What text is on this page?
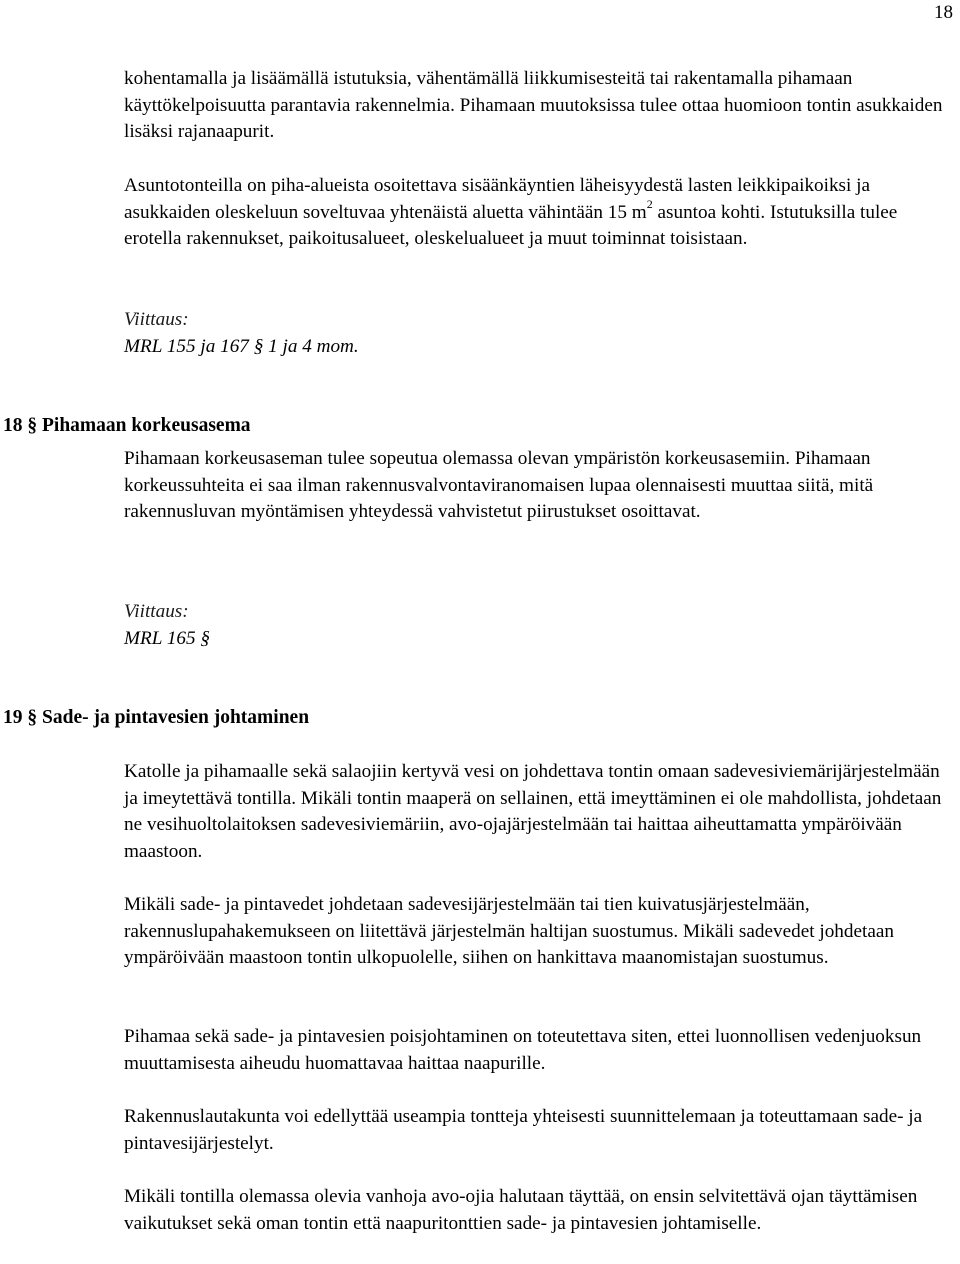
18

kohentamalla ja lisäämällä istutuksia, vähentämällä liikkumisesteitä tai rakentamalla pihamaan käyttökelpoisuutta parantavia rakennelmia. Pihamaan muutoksissa tulee ottaa huomioon tontin asukkaiden lisäksi rajanaapurit.

Asuntotonteilla on piha-alueista osoitettava sisäänkäyntien läheisyydestä lasten leikkipaikoiksi ja asukkaiden oleskeluun soveltuvaa yhtenäistä aluetta vähintään 15 $m^2$ asuntoa kohti. Istutuksilla tulee erotella rakennukset, paikoitusalueet, oleskelualueet ja muut toiminnat toisistaan.

Viittaus:

MRL 155 ja 167 § 1 ja 4 mom.

18 § Pihamaan korkeusasema

Pihamaan korkeusaseman tulee sopeutua olemassa olevan ympäristön korkeusasemiin. Pihamaan korkeussuhteita ei saa ilman rakennusvalvontaviranomaisen lupaa olennaisesti muuttaa siitä, mitä rakennusluvan myöntämisen yhteydessä vahvistetut piirustukset osoittavat.

Viittaus:

MRL 165 §

19 § Sade- ja pintavesien johtaminen

Katolle ja pihamaalle sekä salaojiin kertyvä vesi on johdettava tontin omaan sadevesiviemärijärjestelmään ja imeytettävä tontilla. Mikäli tontin maaperä on sellainen, että imeyttäminen ei ole mahdollista, johdetaan ne vesihuoltolaitoksen sadevesiviemäriin, avo-ojajärjestelmään tai haittaa aiheuttamatta ympäröivään maastoon.

Mikäli sade- ja pintavedet johdetaan sadevesijärjestelmään tai tien kuivatusjärjestelmään, rakennuslupahakemukseen on liitettävä järjestelmän haltijan suostumus. Mikäli sadevedet johdetaan ympäröivään maastoon tontin ulkopuolelle, siihen on hankittava maanomistajan suostumus.

Pihamaa sekä sade- ja pintavesien poisjohtaminen on toteutettava siten, ettei luonnollisen vedenjuoksun muuttamisesta aiheudu huomattavaa haittaa naapurille.

Rakennuslautakunta voi edellyttää useampia tontteja yhteisesti suunnittelemaan ja toteuttamaan sade- ja pintavesijärjestelyt.

Mikäli tontilla olemassa olevia vanhoja avo-ojia halutaan täyttää, on ensin selvitettävä ojan täyttämisen vaikutukset sekä oman tontin että naapuritonttien sade- ja pintavesien johtamiselle.
